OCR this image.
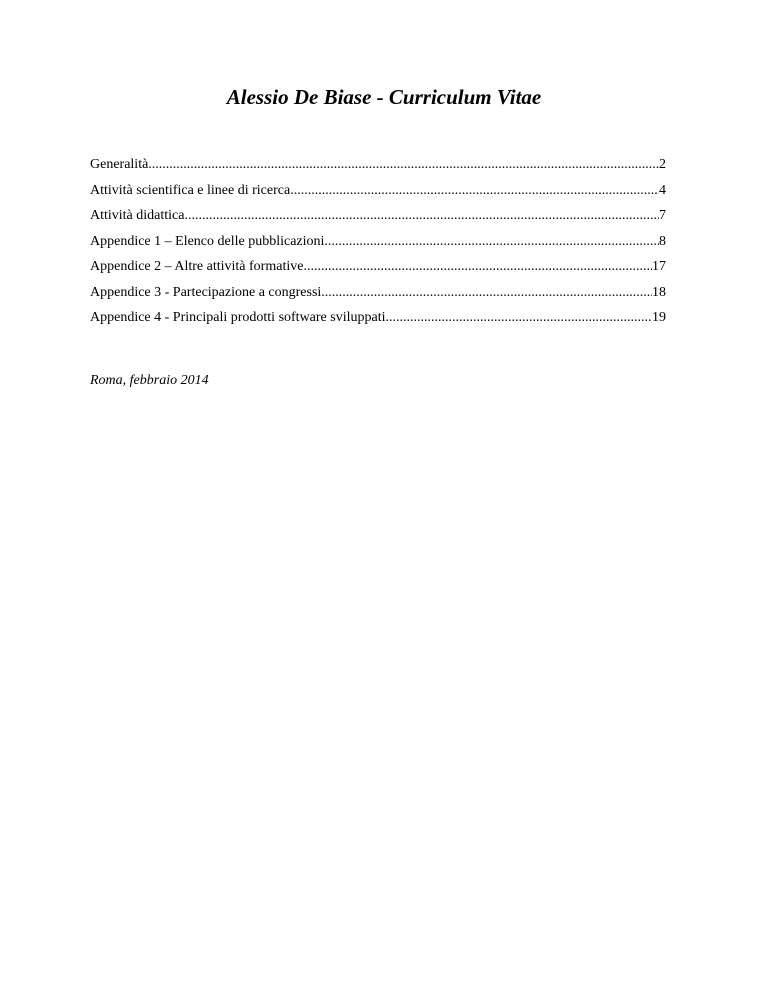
Alessio De Biase - Curriculum Vitae
Generalità .....	2
Attività scientifica e linee di ricerca .....	4
Attività didattica .....	7
Appendice 1 – Elenco delle pubblicazioni .....	8
Appendice 2 – Altre attività formative .....	17
Appendice 3 - Partecipazione a congressi .....	18
Appendice 4 - Principali prodotti software sviluppati .....	19

Roma, febbraio 2014
